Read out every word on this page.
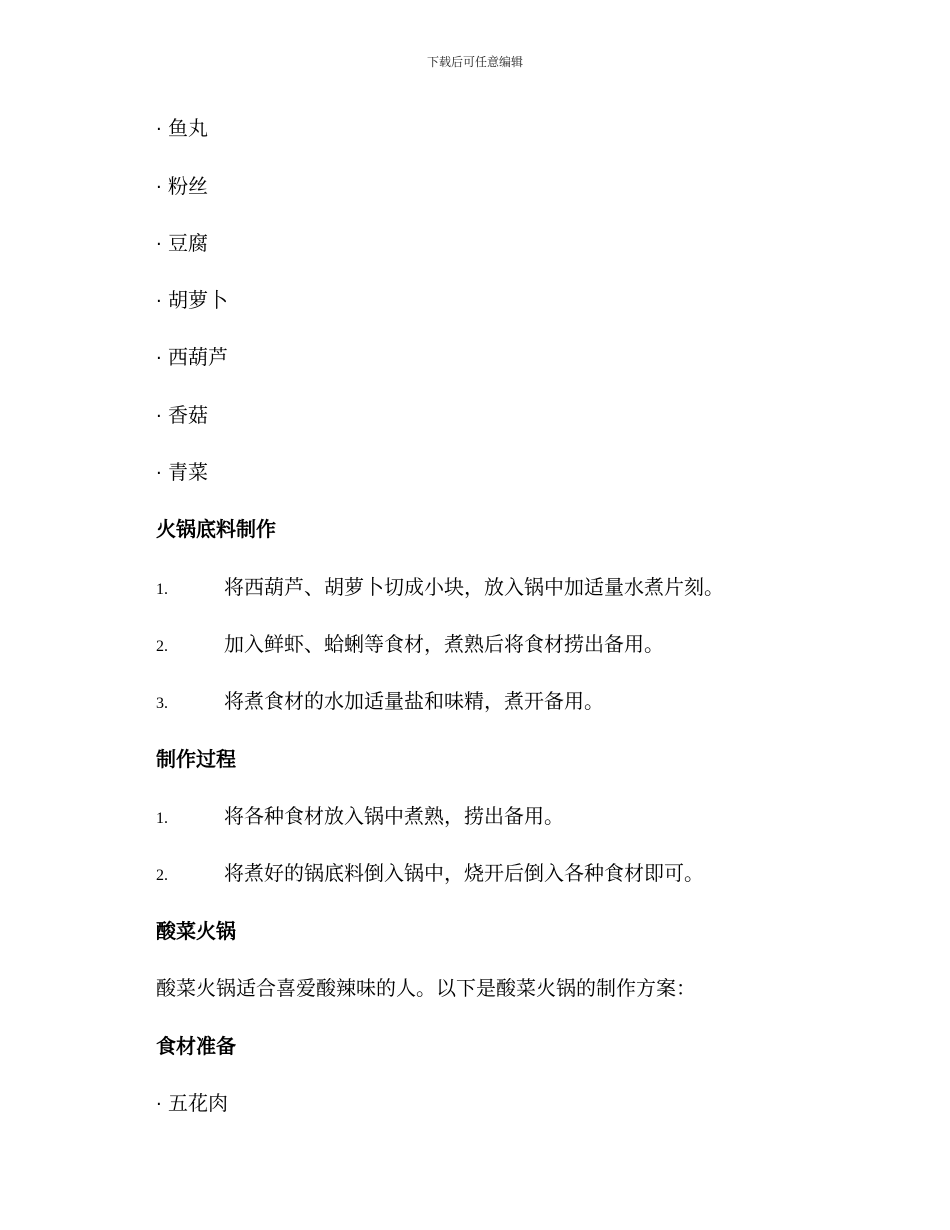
下载后可任意编辑
· 鱼丸
· 粉丝
· 豆腐
· 胡萝卜
· 西葫芦
· 香菇
· 青菜
火锅底料制作
1.	将西葫芦、胡萝卜切成小块，放入锅中加适量水煮片刻。
2.	加入鲜虾、蛤蜊等食材，煮熟后将食材捞出备用。
3.	将煮食材的水加适量盐和味精，煮开备用。
制作过程
1.	将各种食材放入锅中煮熟，捞出备用。
2.	将煮好的锅底料倒入锅中，烧开后倒入各种食材即可。
酸菜火锅
酸菜火锅适合喜爱酸辣味的人。以下是酸菜火锅的制作方案：
食材准备
· 五花肉
